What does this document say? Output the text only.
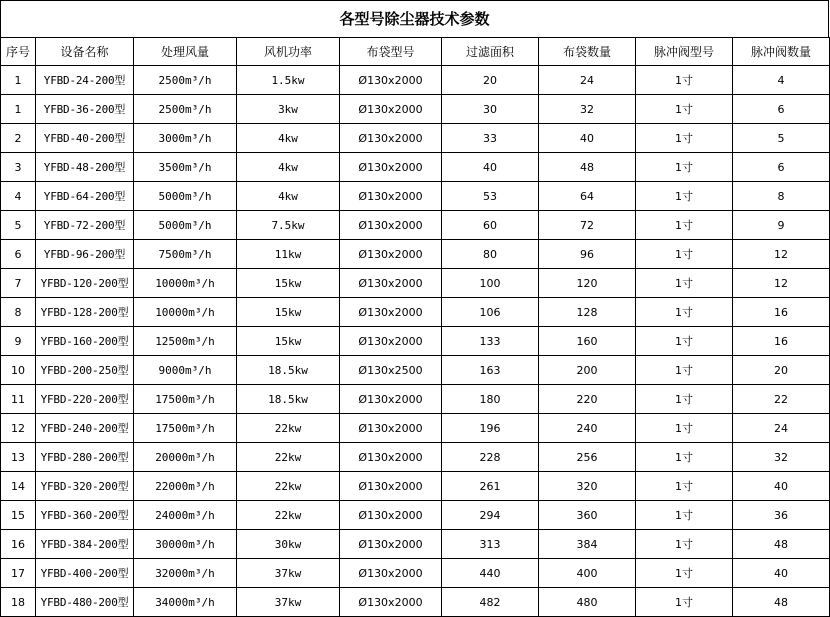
各型号除尘器技术参数
序号	设备名称	处理风量	风机功率	布袋型号	过滤面积	布袋数量	脉冲阀型号	脉冲阀数量
1	YFBD-24-200型	2500m³/h	1.5kw	Ø130x2000	20	24	1寸	4
1	YFBD-36-200型	2500m³/h	3kw	Ø130x2000	30	32	1寸	6
2	YFBD-40-200型	3000m³/h	4kw	Ø130x2000	33	40	1寸	5
3	YFBD-48-200型	3500m³/h	4kw	Ø130x2000	40	48	1寸	6
4	YFBD-64-200型	5000m³/h	4kw	Ø130x2000	53	64	1寸	8
5	YFBD-72-200型	5000m³/h	7.5kw	Ø130x2000	60	72	1寸	9
6	YFBD-96-200型	7500m³/h	11kw	Ø130x2000	80	96	1寸	12
7	YFBD-120-200型	10000m³/h	15kw	Ø130x2000	100	120	1寸	12
8	YFBD-128-200型	10000m³/h	15kw	Ø130x2000	106	128	1寸	16
9	YFBD-160-200型	12500m³/h	15kw	Ø130x2000	133	160	1寸	16
10	YFBD-200-250型	9000m³/h	18.5kw	Ø130x2500	163	200	1寸	20
11	YFBD-220-200型	17500m³/h	18.5kw	Ø130x2000	180	220	1寸	22
12	YFBD-240-200型	17500m³/h	22kw	Ø130x2000	196	240	1寸	24
13	YFBD-280-200型	20000m³/h	22kw	Ø130x2000	228	256	1寸	32
14	YFBD-320-200型	22000m³/h	22kw	Ø130x2000	261	320	1寸	40
15	YFBD-360-200型	24000m³/h	22kw	Ø130x2000	294	360	1寸	36
16	YFBD-384-200型	30000m³/h	30kw	Ø130x2000	313	384	1寸	48
17	YFBD-400-200型	32000m³/h	37kw	Ø130x2000	440	400	1寸	40
18	YFBD-480-200型	34000m³/h	37kw	Ø130x2000	482	480	1寸	48
